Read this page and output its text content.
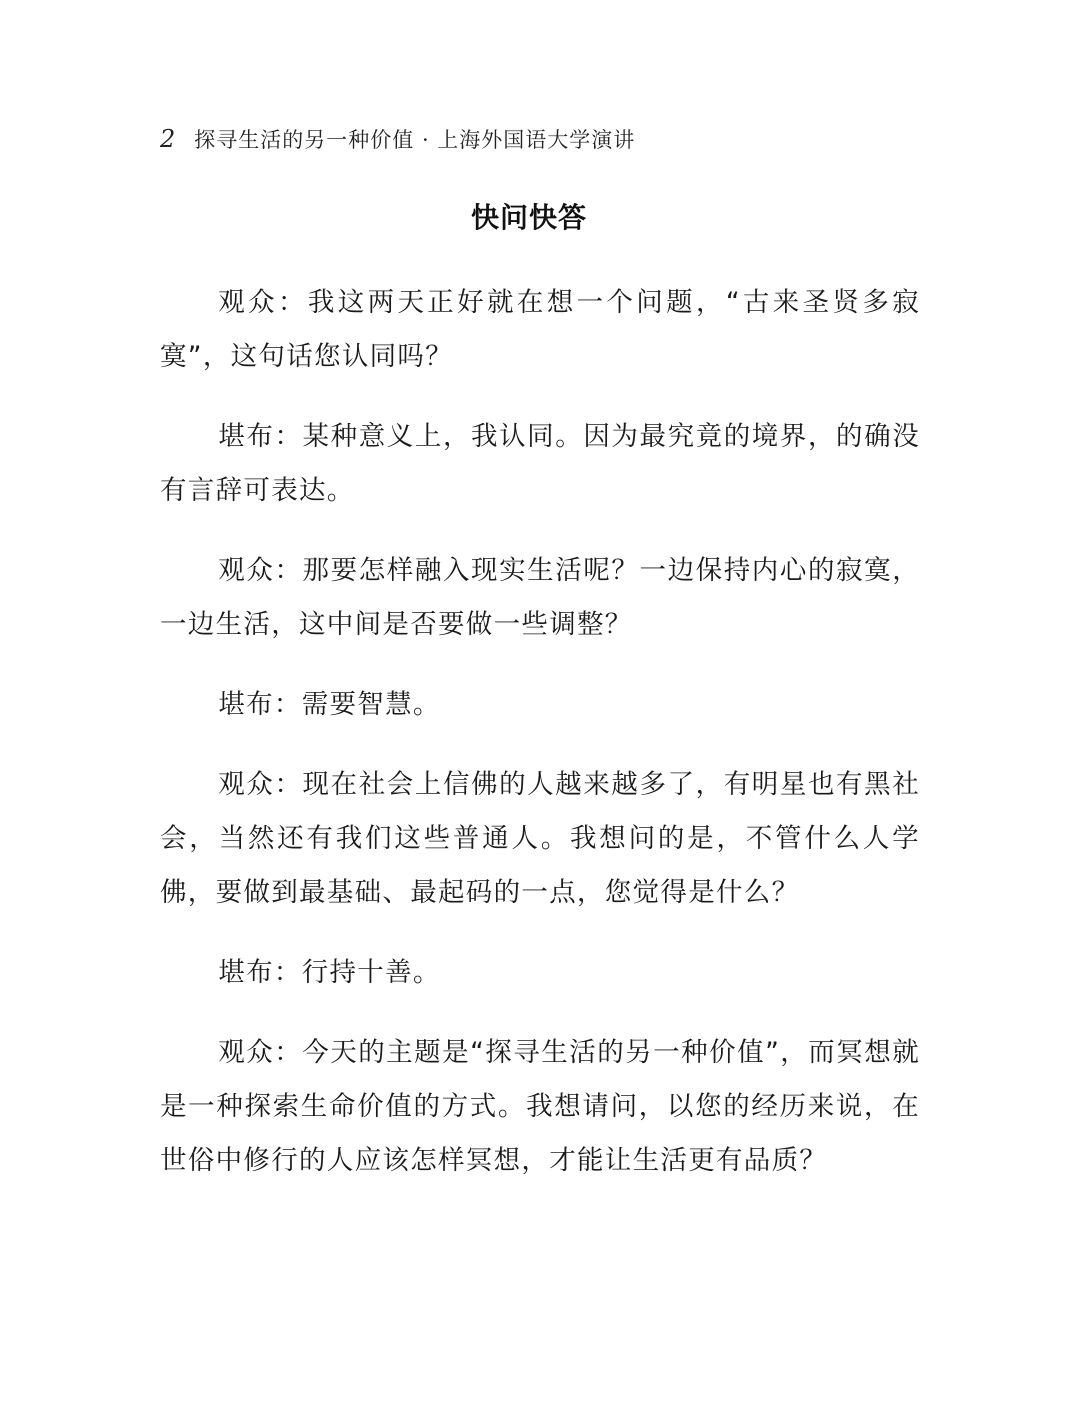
2 探寻生活的另一种价值 · 上海外国语大学演讲
快问快答

观众：我这两天正好就在想一个问题，“古来圣贤多寂寞”，这句话您认同吗？

堪布：某种意义上，我认同。因为最究竟的境界，的确没有言辞可表达。

观众：那要怎样融入现实生活呢？一边保持内心的寂寞，一边生活，这中间是否要做一些调整？

堪布：需要智慧。

观众：现在社会上信佛的人越来越多了，有明星也有黑社会，当然还有我们这些普通人。我想问的是，不管什么人学佛，要做到最基础、最起码的一点，您觉得是什么？

堪布：行持十善。

观众：今天的主题是“探寻生活的另一种价值”，而冥想就是一种探索生命价值的方式。我想请问，以您的经历来说，在世俗中修行的人应该怎样冥想，才能让生活更有品质？
